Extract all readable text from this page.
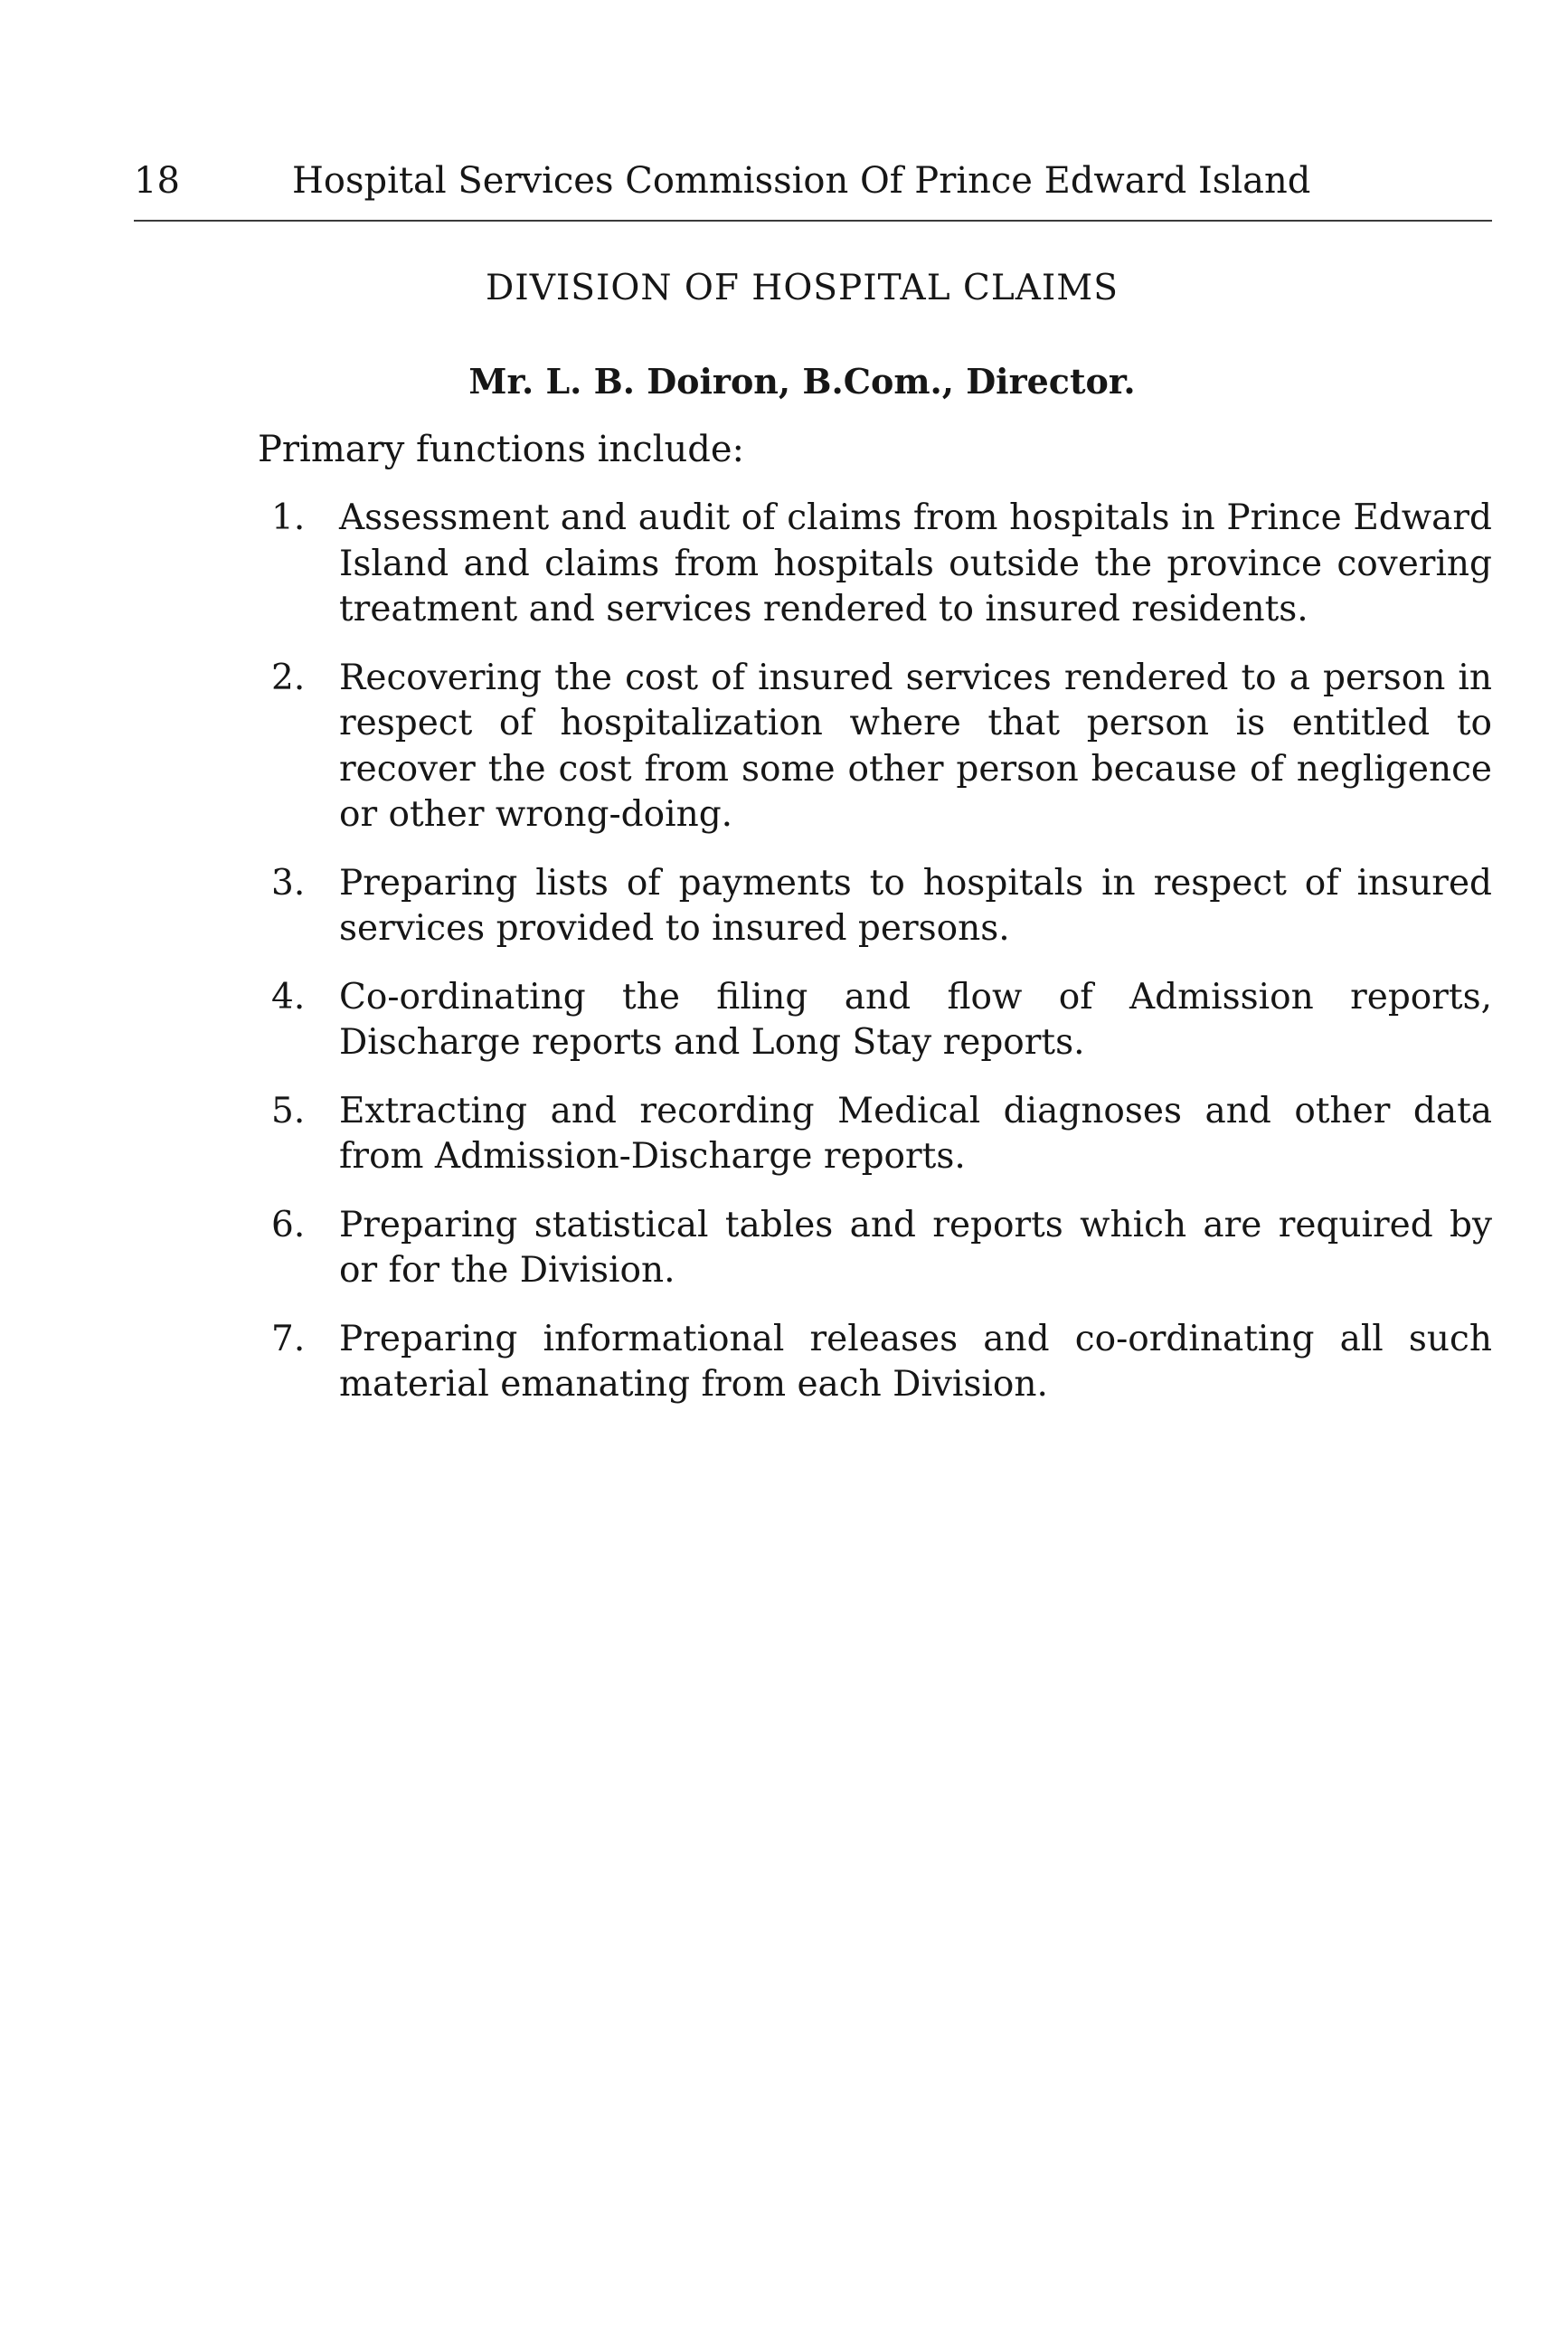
18	Hospital Services Commission Of Prince Edward Island
DIVISION OF HOSPITAL CLAIMS
Mr. L. B. Doiron, B.Com., Director.
Primary functions include:
1. Assessment and audit of claims from hospitals in Prince Edward Island and claims from hospitals outside the province covering treatment and services rendered to insured residents.
2. Recovering the cost of insured services rendered to a person in respect of hospitalization where that person is entitled to recover the cost from some other person because of negligence or other wrong-doing.
3. Preparing lists of payments to hospitals in respect of insured services provided to insured persons.
4. Co-ordinating the filing and flow of Admission reports, Discharge reports and Long Stay reports.
5. Extracting and recording Medical diagnoses and other data from Admission-Discharge reports.
6. Preparing statistical tables and reports which are required by or for the Division.
7. Preparing informational releases and co-ordinating all such material emanating from each Division.
